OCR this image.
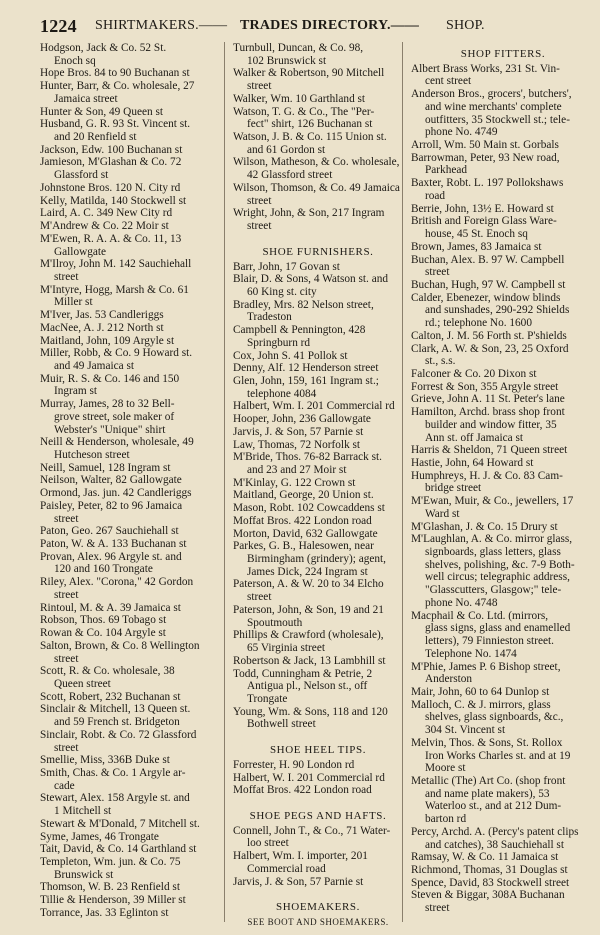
1224 SHIRTMAKERS.—— TRADES DIRECTORY.—— SHOP.
Hodgson, Jack & Co. 52 St.
Enoch sq
Hope Bros. 84 to 90 Buchanan st
Hunter, Barr, & Co. wholesale, 27
Jamaica street
Hunter & Son, 49 Queen st
Husband, G. R. 93 St. Vincent st.
and 20 Renfield st
Jackson, Edw. 100 Buchanan st
Jamieson, M'Glashan & Co. 72
Glassford st
Johnstone Bros. 120 N. City rd
Kelly, Matilda, 140 Stockwell st
Laird, A. C. 349 New City rd
M'Andrew & Co. 22 Moir st
M'Ewen, R. A. A. & Co. 11, 13
Gallowgate
M'Ilroy, John M. 142 Sauchiehall
street
M'Intyre, Hogg, Marsh & Co. 61
Miller st
M'Iver, Jas. 53 Candleriggs
MacNee, A. J. 212 North st
Maitland, John, 109 Argyle st
Miller, Robb, & Co. 9 Howard st.
and 49 Jamaica st
Muir, R. S. & Co. 146 and 150
Ingram st
Murray, James, 28 to 32 Bell-
grove street, sole maker of
Webster's "Unique" shirt
Neill & Henderson, wholesale, 49
Hutcheson street
Neill, Samuel, 128 Ingram st
Neilson, Walter, 82 Gallowgate
Ormond, Jas. jun. 42 Candleriggs
Paisley, Peter, 82 to 96 Jamaica
street
Paton, Geo. 267 Sauchiehall st
Paton, W. & A. 133 Buchanan st
Provan, Alex. 96 Argyle st. and
120 and 160 Trongate
Riley, Alex. "Corona," 42 Gordon
street
Rintoul, M. & A. 39 Jamaica st
Robson, Thos. 69 Tobago st
Rowan & Co. 104 Argyle st
Salton, Brown, & Co. 8 Wellington
street
Scott, R. & Co. wholesale, 38
Queen street
Scott, Robert, 232 Buchanan st
Sinclair & Mitchell, 13 Queen st.
and 59 French st. Bridgeton
Sinclair, Robt. & Co. 72 Glassford
street
Smellie, Miss, 336B Duke st
Smith, Chas. & Co. 1 Argyle ar-
cade
Stewart, Alex. 158 Argyle st. and
1 Mitchell st
Stewart & M'Donald, 7 Mitchell st.
Syme, James, 46 Trongate
Tait, David, & Co. 14 Garthland st
Templeton, Wm. jun. & Co. 75
Brunswick st
Thomson, W. B. 23 Renfield st
Tillie & Henderson, 39 Miller st
Torrance, Jas. 33 Eglinton st
Turnbull, Duncan, & Co. 98,
102 Brunswick st
Walker & Robertson, 90 Mitchell
street
Walker, Wm. 10 Garthland st
Watson, T. G. & Co., The "Per-
fect" shirt, 126 Buchanan st
Watson, J. B. & Co. 115 Union st.
and 61 Gordon st
Wilson, Matheson, & Co. wholesale,
42 Glassford street
Wilson, Thomson, & Co. 49 Jamaica
street
Wright, John, & Son, 217 Ingram
street
SHOE FURNISHERS.
Barr, John, 17 Govan st
Blair, D. & Sons, 4 Watson st. and
60 King st. city
Bradley, Mrs. 82 Nelson street,
Tradeston
Campbell & Pennington, 428
Springburn rd
Cox, John S. 41 Pollok st
Denny, Alf. 12 Henderson street
Glen, John, 159, 161 Ingram st.;
telephone 4084
Halbert, Wm. I. 201 Commercial rd
Hooper, John, 236 Gallowgate
Jarvis, J. & Son, 57 Parnie st
Law, Thomas, 72 Norfolk st
M'Bride, Thos. 76-82 Barrack st.
and 23 and 27 Moir st
M'Kinlay, G. 122 Crown st
Maitland, George, 20 Union st.
Mason, Robt. 102 Cowcaddens st
Moffat Bros. 422 London road
Morton, David, 632 Gallowgate
Parkes, G. B., Halesowen, near
Birmingham (grindery); agent,
James Dick, 224 Ingram st
Paterson, A. & W. 20 to 34 Elcho
street
Paterson, John, & Son, 19 and 21
Spoutmouth
Phillips & Crawford (wholesale),
65 Virginia street
Robertson & Jack, 13 Lambhill st
Todd, Cunningham & Petrie, 2
Antigua pl., Nelson st., off
Trongate
Young, Wm. & Sons, 118 and 120
Bothwell street
SHOE HEEL TIPS.
Forrester, H. 90 London rd
Halbert, W. I. 201 Commercial rd
Moffat Bros. 422 London road
SHOE PEGS AND HAFTS.
Connell, John T., & Co., 71 Water-
loo street
Halbert, Wm. I. importer, 201
Commercial road
Jarvis, J. & Son, 57 Parnie st
SHOEMAKERS.
SEE BOOT AND SHOEMAKERS.
SHOP FITTERS.
Albert Brass Works, 231 St. Vin-
cent street
Anderson Bros., grocers', butchers',
and wine merchants' complete
outfitters, 35 Stockwell st.; tele-
phone No. 4749
Arroll, Wm. 50 Main st. Gorbals
Barrowman, Peter, 93 New road,
Parkhead
Baxter, Robt. L. 197 Pollokshaws
road
Berrie, John, 13½ E. Howard st
British and Foreign Glass Ware-
house, 45 St. Enoch sq
Brown, James, 83 Jamaica st
Buchan, Alex. B. 97 W. Campbell
street
Buchan, Hugh, 97 W. Campbell st
Calder, Ebenezer, window blinds
and sunshades, 290-292 Shields
rd.; telephone No. 1600
Calton, J. M. 56 Forth st. P'shields
Clark, A. W. & Son, 23, 25 Oxford
st., s.s.
Falconer & Co. 20 Dixon st
Forrest & Son, 355 Argyle street
Grieve, John A. 11 St. Peter's lane
Hamilton, Archd. brass shop front
builder and window fitter, 35
Ann st. off Jamaica st
Harris & Sheldon, 71 Queen street
Hastie, John, 64 Howard st
Humphreys, H. J. & Co. 83 Cam-
bridge street
M'Ewan, Muir, & Co., jewellers, 17
Ward st
M'Glashan, J. & Co. 15 Drury st
M'Laughlan, A. & Co. mirror glass,
signboards, glass letters, glass
shelves, polishing, &c. 7-9 Both-
well circus; telegraphic address,
"Glasscutters, Glasgow;" tele-
phone No. 4748
Macphail & Co. Ltd. (mirrors,
glass signs, glass and enamelled
letters), 79 Finnieston street.
Telephone No. 1474
M'Phie, James P. 6 Bishop street,
Anderston
Mair, John, 60 to 64 Dunlop st
Malloch, C. & J. mirrors, glass
shelves, glass signboards, &c.,
304 St. Vincent st
Melvin, Thos. & Sons, St. Rollox
Iron Works Charles st. and at 19
Moore st
Metallic (The) Art Co. (shop front
and name plate makers), 53
Waterloo st., and at 212 Dum-
barton rd
Percy, Archd. A. (Percy's patent clips
and catches), 38 Sauchiehall st
Ramsay, W. & Co. 11 Jamaica st
Richmond, Thomas, 31 Douglas st
Spence, David, 83 Stockwell street
Steven & Biggar, 308A Buchanan
street
